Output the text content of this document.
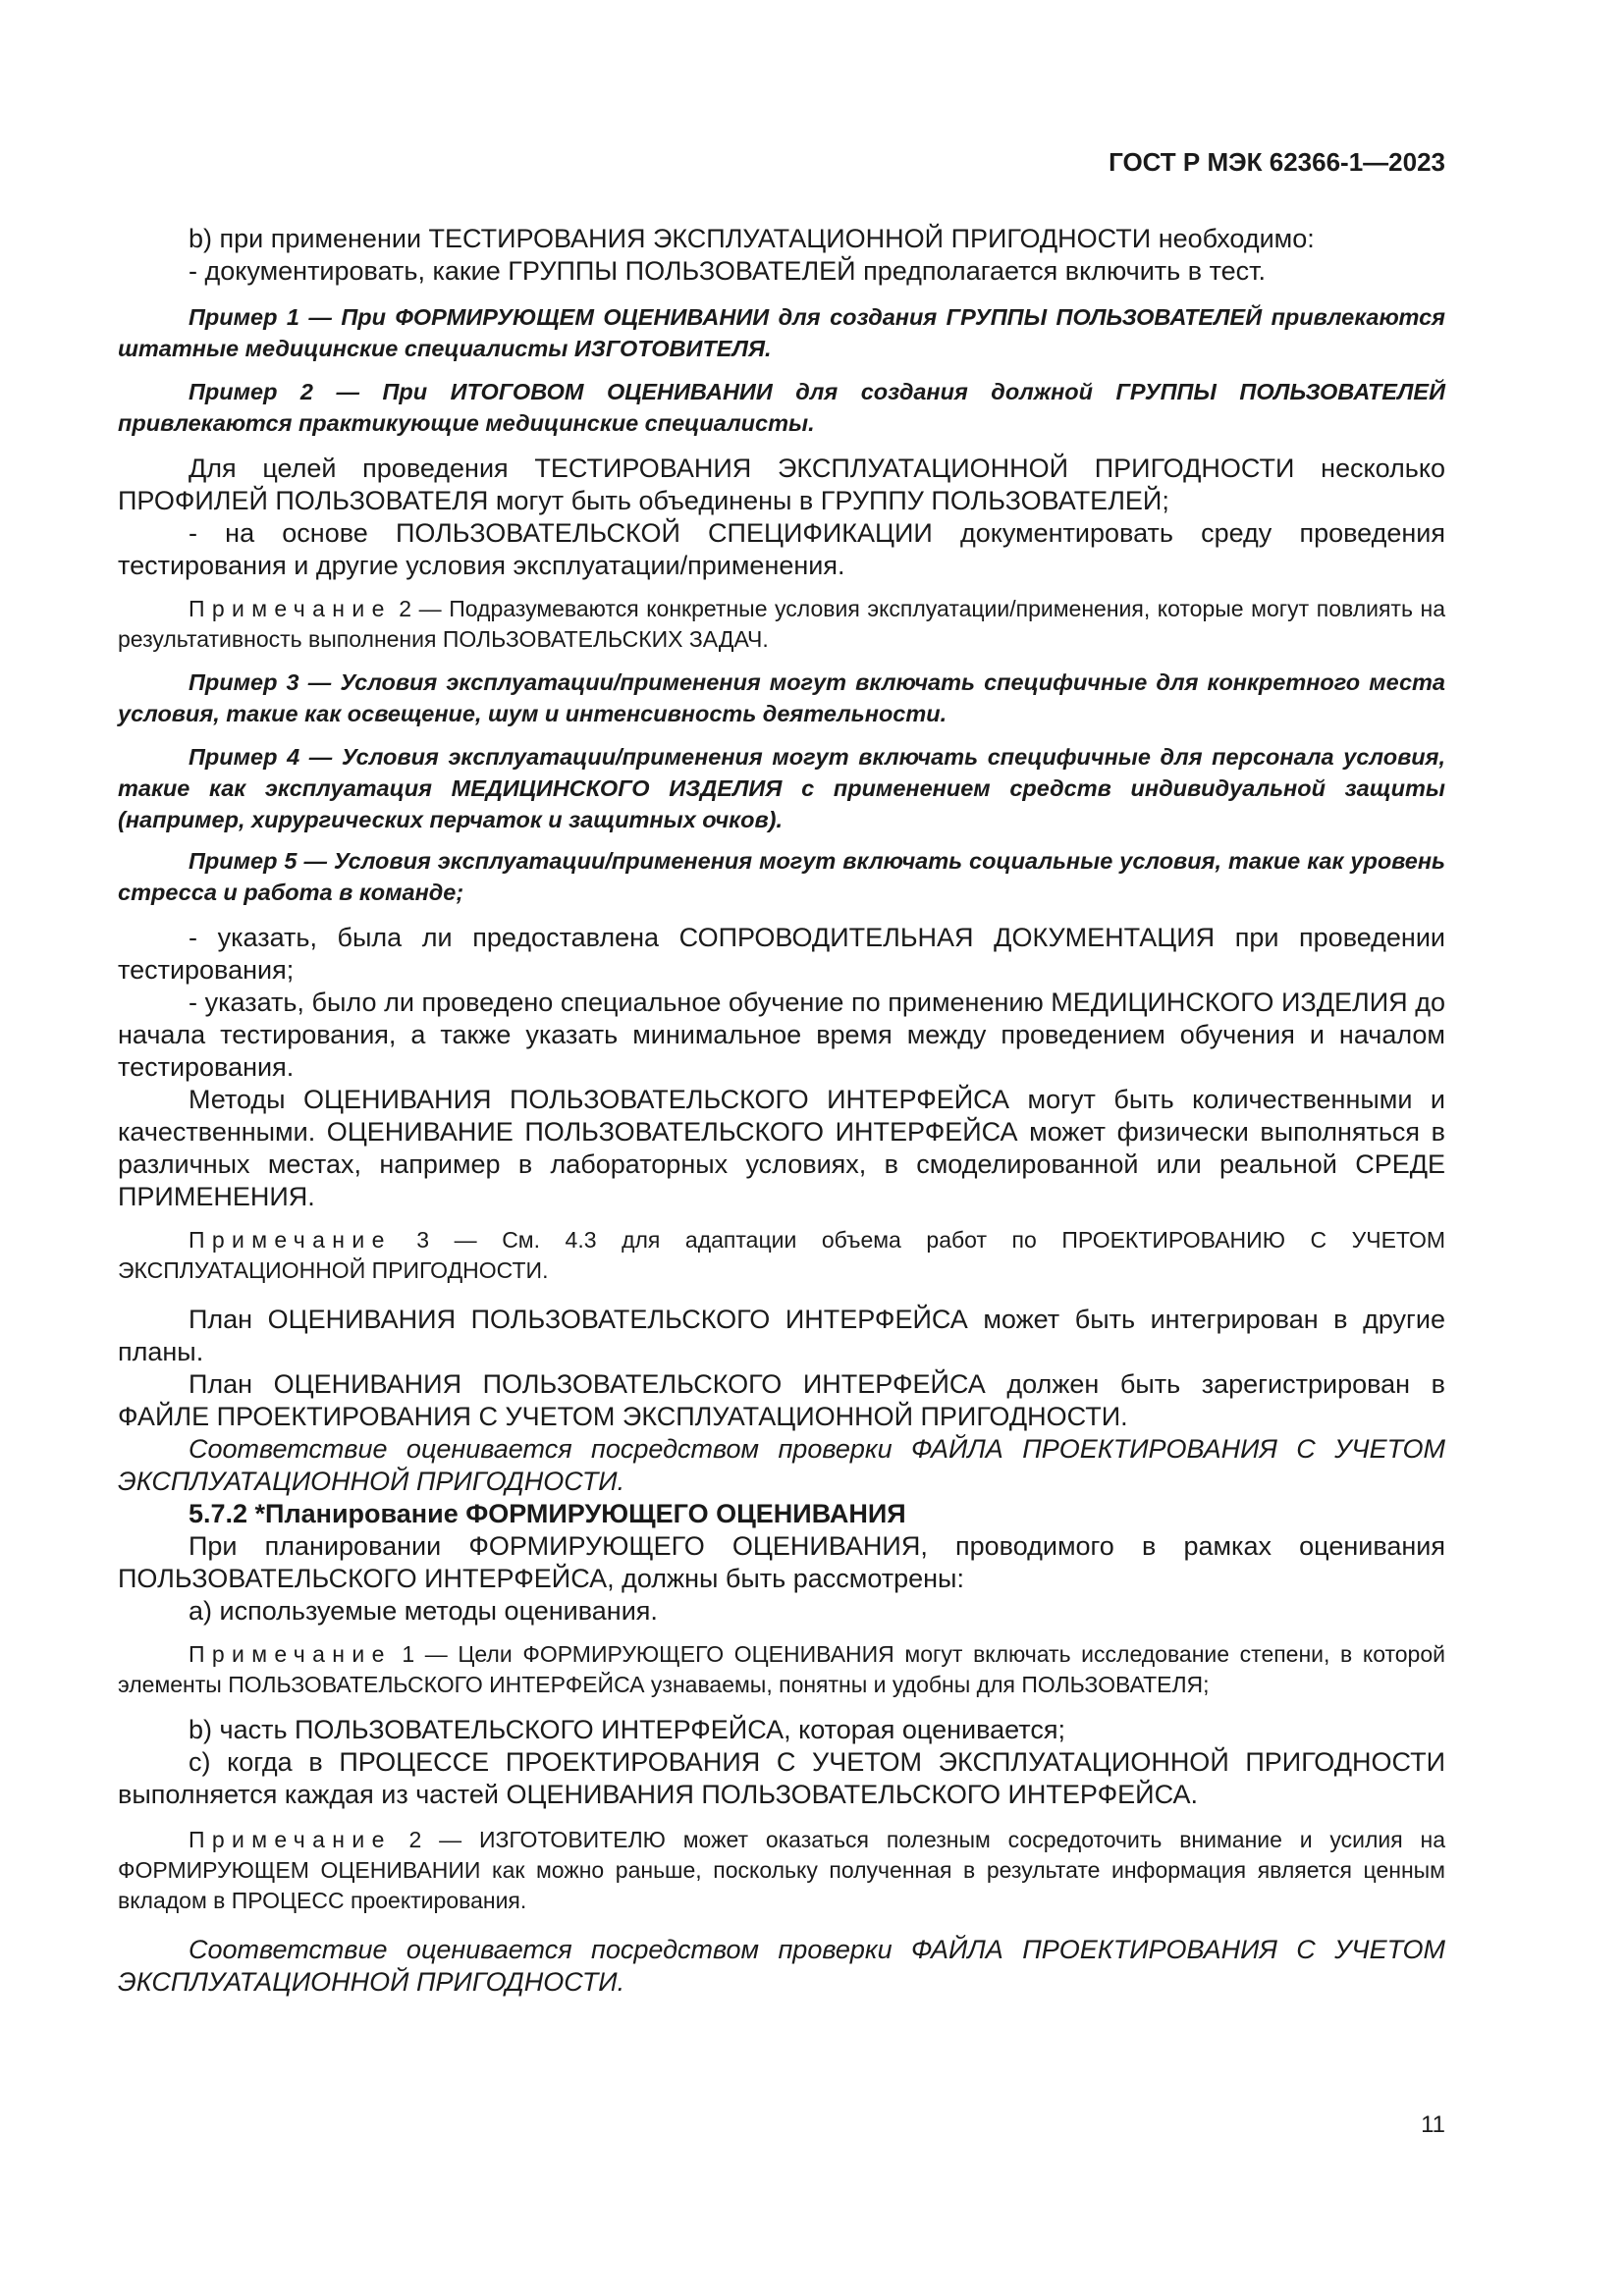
ГОСТ Р МЭК 62366-1—2023

b) при применении ТЕСТИРОВАНИЯ ЭКСПЛУАТАЦИОННОЙ ПРИГОДНОСТИ необходимо:

- документировать, какие ГРУППЫ ПОЛЬЗОВАТЕЛЕЙ предполагается включить в тест.

Пример 1 — При ФОРМИРУЮЩЕМ ОЦЕНИВАНИИ для создания ГРУППЫ ПОЛЬЗОВАТЕЛЕЙ привлекаются штатные медицинские специалисты ИЗГОТОВИТЕЛЯ.

Пример 2 — При ИТОГОВОМ ОЦЕНИВАНИИ для создания должной ГРУППЫ ПОЛЬЗОВАТЕЛЕЙ привлекаются практикующие медицинские специалисты.

Для целей проведения ТЕСТИРОВАНИЯ ЭКСПЛУАТАЦИОННОЙ ПРИГОДНОСТИ несколько ПРОФИЛЕЙ ПОЛЬЗОВАТЕЛЯ могут быть объединены в ГРУППУ ПОЛЬЗОВАТЕЛЕЙ;

- на основе ПОЛЬЗОВАТЕЛЬСКОЙ СПЕЦИФИКАЦИИ документировать среду проведения тестирования и другие условия эксплуатации/применения.

Примечание 2 — Подразумеваются конкретные условия эксплуатации/применения, которые могут повлиять на результативность выполнения ПОЛЬЗОВАТЕЛЬСКИХ ЗАДАЧ.

Пример 3 — Условия эксплуатации/применения могут включать специфичные для конкретного места условия, такие как освещение, шум и интенсивность деятельности.

Пример 4 — Условия эксплуатации/применения могут включать специфичные для персонала условия, такие как эксплуатация МЕДИЦИНСКОГО ИЗДЕЛИЯ с применением средств индивидуальной защиты (например, хирургических перчаток и защитных очков).

Пример 5 — Условия эксплуатации/применения могут включать социальные условия, такие как уровень стресса и работа в команде;

- указать, была ли предоставлена СОПРОВОДИТЕЛЬНАЯ ДОКУМЕНТАЦИЯ при проведении тестирования;

- указать, было ли проведено специальное обучение по применению МЕДИЦИНСКОГО ИЗДЕЛИЯ до начала тестирования, а также указать минимальное время между проведением обучения и началом тестирования.

Методы ОЦЕНИВАНИЯ ПОЛЬЗОВАТЕЛЬСКОГО ИНТЕРФЕЙСА могут быть количественными и качественными. ОЦЕНИВАНИЕ ПОЛЬЗОВАТЕЛЬСКОГО ИНТЕРФЕЙСА может физически выполняться в различных местах, например в лабораторных условиях, в смоделированной или реальной СРЕДЕ ПРИМЕНЕНИЯ.

Примечание 3 — См. 4.3 для адаптации объема работ по ПРОЕКТИРОВАНИЮ С УЧЕТОМ ЭКСПЛУАТАЦИОННОЙ ПРИГОДНОСТИ.

План ОЦЕНИВАНИЯ ПОЛЬЗОВАТЕЛЬСКОГО ИНТЕРФЕЙСА может быть интегрирован в другие планы.

План ОЦЕНИВАНИЯ ПОЛЬЗОВАТЕЛЬСКОГО ИНТЕРФЕЙСА должен быть зарегистрирован в ФАЙЛЕ ПРОЕКТИРОВАНИЯ С УЧЕТОМ ЭКСПЛУАТАЦИОННОЙ ПРИГОДНОСТИ.

Соответствие оценивается посредством проверки ФАЙЛА ПРОЕКТИРОВАНИЯ С УЧЕТОМ ЭКСПЛУАТАЦИОННОЙ ПРИГОДНОСТИ.

5.7.2 *Планирование ФОРМИРУЮЩЕГО ОЦЕНИВАНИЯ

При планировании ФОРМИРУЮЩЕГО ОЦЕНИВАНИЯ, проводимого в рамках оценивания ПОЛЬЗОВАТЕЛЬСКОГО ИНТЕРФЕЙСА, должны быть рассмотрены:

a) используемые методы оценивания.

Примечание 1 — Цели ФОРМИРУЮЩЕГО ОЦЕНИВАНИЯ могут включать исследование степени, в которой элементы ПОЛЬЗОВАТЕЛЬСКОГО ИНТЕРФЕЙСА узнаваемы, понятны и удобны для ПОЛЬЗОВАТЕЛЯ;

b) часть ПОЛЬЗОВАТЕЛЬСКОГО ИНТЕРФЕЙСА, которая оценивается;

c) когда в ПРОЦЕССЕ ПРОЕКТИРОВАНИЯ С УЧЕТОМ ЭКСПЛУАТАЦИОННОЙ ПРИГОДНОСТИ выполняется каждая из частей ОЦЕНИВАНИЯ ПОЛЬЗОВАТЕЛЬСКОГО ИНТЕРФЕЙСА.

Примечание 2 — ИЗГОТОВИТЕЛЮ может оказаться полезным сосредоточить внимание и усилия на ФОРМИРУЮЩЕМ ОЦЕНИВАНИИ как можно раньше, поскольку полученная в результате информация является ценным вкладом в ПРОЦЕСС проектирования.

Соответствие оценивается посредством проверки ФАЙЛА ПРОЕКТИРОВАНИЯ С УЧЕТОМ ЭКСПЛУАТАЦИОННОЙ ПРИГОДНОСТИ.

11
